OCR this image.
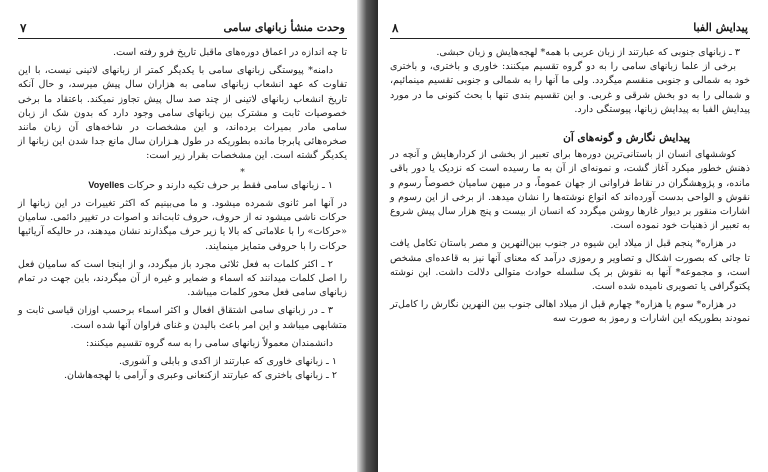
وحدت منشأ زبانهای سامی
۷

تا چه اندازه در اعماق دوره‌های ماقبل تاریخ فرو رفته است.

دامنه* پیوستگی زبانهای سامی با یکدیگر کمتر از زبانهای لاتینی نیست، با این تفاوت که عهد انشعاب زبانهای سامی به هزاران سال پیش میرسد، و حال آنکه تاریخ انشعاب زبانهای لاتینی از چند صد سال پیش تجاوز نمیکند. باعتقاد ما برخی خصوصیات ثابت و مشترک بین زبانهای سامی وجود دارد که بدون شک از زبان سامی مادر بمیراث برده‌اند، و این مشخصات در شاخه‌های آن زبان مانند صخره‌هائی پابرجا مانده بطوریکه در طول هـزاران سال مانع جدا شدن این زبانها از یکدیگر گشته است. این مشخصات بقرار زیر است:

*

۱ ـ زبانهای سامی فقط بر حرف تکیه دارند و حرکات Voyelles

در آنها امر ثانوی شمرده میشود. و ما می‌بینیم که اکثر تغییرات در این زبانها از حرکات ناشی میشود نه از حروف، حروف ثابت‌اند و اصوات در تغییر دائمی. سامیان «حرکات» را با علاماتی که بالا یا زیر حرف میگذارند نشان میدهند، در حالیکه آریائیها حرکات را با حروفی متمایز مینمایند.

۲ ـ اکثر کلمات به فعل ثلاثی مجرد باز میگردد، و از اینجا است که سامیان فعل را اصل کلمات میدانند که اسماء و ضمایر و غیره از آن میگردند، باین جهت در تمام زبانهای سامی فعل محور کلمات میباشد.

۳ ـ در زبانهای سامی اشتقاق افعال و اکثر اسماء برحسب اوزان قیاسی ثابت و متشابهی میباشد و این امر باعث بالیدن و غنای فراوان آنها شده است.

دانشمندان معمولاً زبانهای سامی را به سه گروه تقسیم میکنند:

۱ ـ زبانهای خاوری که عبارتند از اکدی و بابلی و آشوری.

۲ ـ زبانهای باختری که عبارتند ازکنعانی وعبری و آرامی با لهجه‌هاشان.

پیدایش الفبا
۸

۳ ـ زبانهای جنوبی که عبارتند از زبان عربی با همه* لهجه‌هایش و زبان حبشی.

برخی از علما زبانهای سامی را به دو گروه تقسیم میکنند: خاوری و باختری، و باختری خود به شمالی و جنوبی منقسم میگردد. ولی ما آنها را به شمالی و جنوبی تقسیم مینمائیم، و شمالی را به دو بخش شرقی و غربی. و این تقسیم بندی تنها با بحث کنونی ما در مورد پیدایش الفبا به پیدایش زبانها، پیوستگی دارد.

پیدایش نگارش و گونه‌های آن

کوششهای انسان از باستانی‌ترین دوره‌ها برای تعبیر از بخشی از کردارهایش و آنچه در ذهنش خطور میکرد آغاز گشت، و نمونه‌ای از آن به ما رسیده است که نزدیک یا دور باقی مانده، و پژوهشگران در نقاط فراوانی از جهان عموماً، و در میهن سامیان خصوصاً رسوم و نقوش و الواحی بدست آورده‌اند که انواع نوشته‌ها را نشان میدهد. از برخی از این رسوم و اشارات منقور بر دیوار غارها روشن میگردد که انسان از بیست و پنج هزار سال پیش شروع به تعبیر از ذهنیات خود نموده است.

در هزاره* پنجم قبل از میلاد این شیوه در جنوب بین‌النهرین و مصر باستان تکامل یافت تا جائی که بصورت اشکال و تصاویر و رموزی درآمد که معنای آنها نیز به قاعده‌ای مشخص است، و مجموعه* آنها به نقوش بر یک سلسله حوادث متوالی دلالت داشت. این نوشته پکتوگرافی یا تصویری نامیده شده است.

در هزاره* سوم یا هزاره* چهارم قبل از میلاد اهالی جنوب بین النهرین نگارش را کامل‌تر نمودند بطوریکه این اشارات و رموز به صورت سه
